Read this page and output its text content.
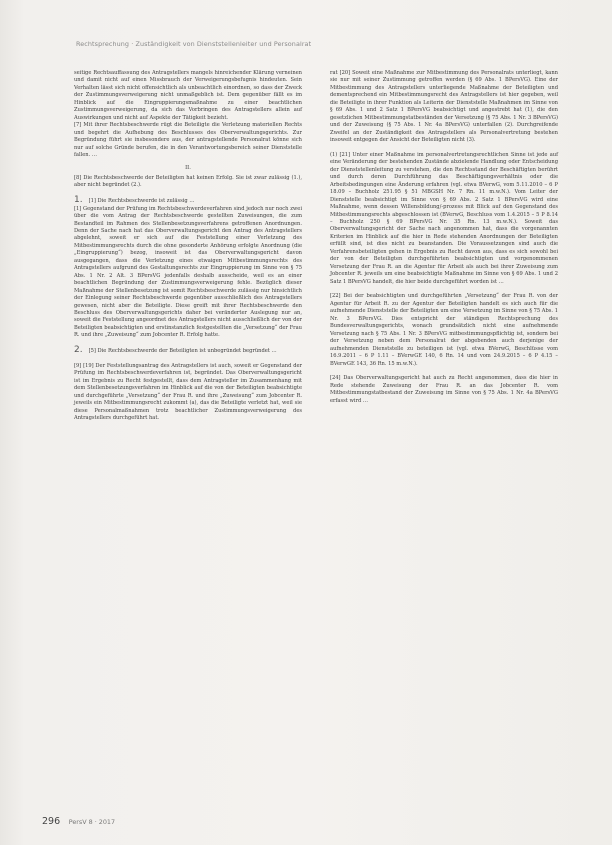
Rechtsprechung · Zuständigkeit von Dienststellenleiter und Personalrat

seitige Rechtsauffassung des Antragstellers mangels hinreichender Klärung verneinen und damit nicht auf einen Missbrauch der Verweigerungsbefugnis hindeuten. Sein Verhalten lässt sich nicht offensichtlich als unbeachtlich einordnen, so dass der Zweck der Zustimmungsverweigerung nicht unmaßgeblich ist. Dem gegenüber fällt es im Hinblick auf die Eingruppierungsmaßnahme zu einer beachtlichen Zustimmungsverweigerung, da sich das Vorbringen des Antragstellers allein auf Auswirkungen und nicht auf Aspekte der Tätigkeit bezieht.

[7] Mit ihrer Rechtsbeschwerde rügt die Beteiligte die Verletzung materiellen Rechts und begehrt die Aufhebung des Beschlusses des Oberverwaltungsgerichts. Zur Begründung führt sie insbesondere aus, der antragstellende Personalrat könne sich nur auf solche Gründe berufen, die in den Verantwortungsbereich seiner Dienststelle fallen. …

II.

[8] Die Rechtsbeschwerde der Beteiligten hat keinen Erfolg. Sie ist zwar zulässig (1.), aber nicht begründet (2.).

1. [1] Die Rechtsbeschwerde ist zulässig …

[1] Gegenstand der Prüfung im Rechtsbeschwerdeverfahren sind jedoch nur noch zwei über die vom Antrag der Rechtsbeschwerde gestellten Zuweisungen, die zum Bestandteil im Rahmen des Stellenbesetzungsverfahrens getroffenen Anordnungen. Denn der Sache nach hat das Oberverwaltungsgericht den Antrag des Antragstellers abgelehnt, soweit er sich auf die Feststellung einer Verletzung des Mitbestimmungsrechts durch die ohne gesonderte Anhörung erfolgte Anordnung (die „Eingruppierung“) bezog, insoweit ist das Oberverwaltungsgericht davon ausgegangen, dass die Verletzung eines etwaigen Mitbestimmungsrechts des Antragstellers aufgrund des Gestaltungsrechts zur Eingruppierung im Sinne von § 75 Abs. 1 Nr. 2 Alt. 3 BPersVG jedenfalls deshalb ausscheide, weil es an einer beachtlichen Begründung der Zustimmungsverweigerung fehle. Bezüglich dieser Maßnahme der Stellenbesetzung ist somit Rechtsbeschwerde zulässig nur hinsichtlich der Einlegung seiner Rechtsbeschwerde gegenüber ausschließlich des Antragstellers gewesen, nicht aber die Beteiligte. Diese greift mit ihrer Rechtsbeschwerde den Beschluss des Oberverwaltungsgerichts daher bei veränderter Auslegung nur an, soweit die Feststellung angeordnet des Antragstellers nicht ausschließlich der von der Beteiligten beabsichtigten und erstinstanzlich festgestellten die „Versetzung“ der Frau R. und ihre „Zuweisung“ zum Jobcenter R. Erfolg hatte.

2. [5] Die Rechtsbeschwerde der Beteiligten ist unbegründet begründet …

[9] [19] Der Feststellungsantrag des Antragstellers ist auch, soweit er Gegenstand der Prüfung im Rechtsbeschwerdeverfahren ist, begründet. Das Oberverwaltungsgericht ist im Ergebnis zu Recht festgestellt, dass dem Antragsteller im Zusammenhang mit dem Stellenbesetzungsverfahren im Hinblick auf die von der Beteiligten beabsichtigte und durchgeführte „Versetzung“ der Frau R. und ihre „Zuweisung“ zum Jobcenter R. jeweils ein Mitbestimmungsrecht zukommt (a), das die Beteiligte verletzt hat, weil sie diese Personalmaßnahmen trotz beachtlicher Zustimmungsverweigerung des Antragstellers durchgeführt hat.

rat [20] Soweit eine Maßnahme zur Mitbestimmung des Personalrats unterliegt, kann sie nur mit seiner Zustimmung getroffen werden (§ 69 Abs. 1 BPersVG). Eine der Mitbestimmung des Antragstellers unterliegende Maßnahme der Beteiligten und dementsprechend ein Mitbestimmungsrecht des Antragstellers ist hier gegeben, weil die Beteiligte in ihrer Funktion als Leiterin der Dienststelle Maßnahmen im Sinne von § 69 Abs. 1 und 2 Satz 1 BPersVG beabsichtigt und angestrebt hat (1), die den gesetzlichen Mitbestimmungstatbeständen der Versetzung (§ 75 Abs. 1 Nr. 3 BPersVG) und der Zuweisung (§ 75 Abs. 1 Nr. 4a BPersVG) unterfallen (2). Durchgreifende Zweifel an der Zuständigkeit des Antragstellers als Personalvertretung bestehen insoweit entgegen der Ansicht der Beteiligten nicht (3).

(1) [21] Unter einer Maßnahme im personalvertretungsrechtlichen Sinne ist jede auf eine Veränderung der bestehenden Zustände abzielende Handlung oder Entscheidung der Dienststellenleitung zu verstehen, die den Rechtsstand der Beschäftigten berührt und durch deren Durchführung das Beschäftigungsverhältnis oder die Arbeitsbedingungen eine Änderung erfahren (vgl. etwa BVerwG, vom 5.11.2010 – 6 P 18.09 – Buchholz 251.95 § 51 MBGSH Nr. 7 Rn. 11 m.w.N.). Vom Leiter der Dienststelle beabsichtigt im Sinne von § 69 Abs. 2 Satz 1 BPersVG wird eine Maßnahme, wenn dessen Willensbildung/-prozess mit Blick auf den Gegenstand des Mitbestimmungsrechts abgeschlossen ist (BVerwG, Beschluss vom 1.4.2015 – 5 P 8.14 – Buchholz 250 § 69 BPersVG Nr. 35 Rn. 13 m.w.N.). Soweit das Oberverwaltungsgericht der Sache nach angenommen hat, dass die vorgenannten Kriterien im Hinblick auf die hier in Rede stehenden Anordnungen der Beteiligten erfüllt sind, ist dies nicht zu beanstanden. Die Voraussetzungen sind auch die Verfahrensbeteiligten gehen in Ergebnis zu Recht davon aus, dass es sich sowohl bei der von der Beteiligten durchgeführten beabsichtigten und vorgenommenen Versetzung der Frau R. an die Agentur für Arbeit als auch bei ihrer Zuweisung zum Jobcenter R. jeweils um eine beabsichtigte Maßnahme im Sinne von § 69 Abs. 1 und 2 Satz 1 BPersVG handelt, die hier beide durchgeführt worden ist …

[22] Bei der beabsichtigten und durchgeführten „Versetzung“ der Frau R. von der Agentur für Arbeit R. zu der Agentur der Beteiligten handelt es sich auch für die aufnehmende Dienststelle der Beteiligten um eine Versetzung im Sinne von § 75 Abs. 1 Nr. 3 BPersVG. Dies entspricht der ständigen Rechtsprechung des Bundesverwaltungsgerichts, wonach grundsätzlich nicht eine aufnehmende Versetzung nach § 75 Abs. 1 Nr. 3 BPersVG mitbestimmungspflichtig ist, sondern bei der Versetzung neben dem Personalrat der abgebenden auch derjenige der aufnehmenden Dienststelle zu beteiligen ist (vgl. etwa BVerwG, Beschlüsse vom 16.9.2011 – 6 P 1.11 – BVerwGE 140, 6 Rn. 14 und vom 24.9.2015 – 6 P 4.15 – BVerwGE 143, 36 Rn. 15 m.w.N.).

[24] Das Oberverwaltungsgericht hat auch zu Recht angenommen, dass die hier in Rede stehende Zuweisung der Frau R. an das Jobcenter R. vom Mitbestimmungstatbestand der Zuweisung im Sinne von § 75 Abs. 1 Nr. 4a BPersVG erfasst wird …

296 PersV 8 · 2017
